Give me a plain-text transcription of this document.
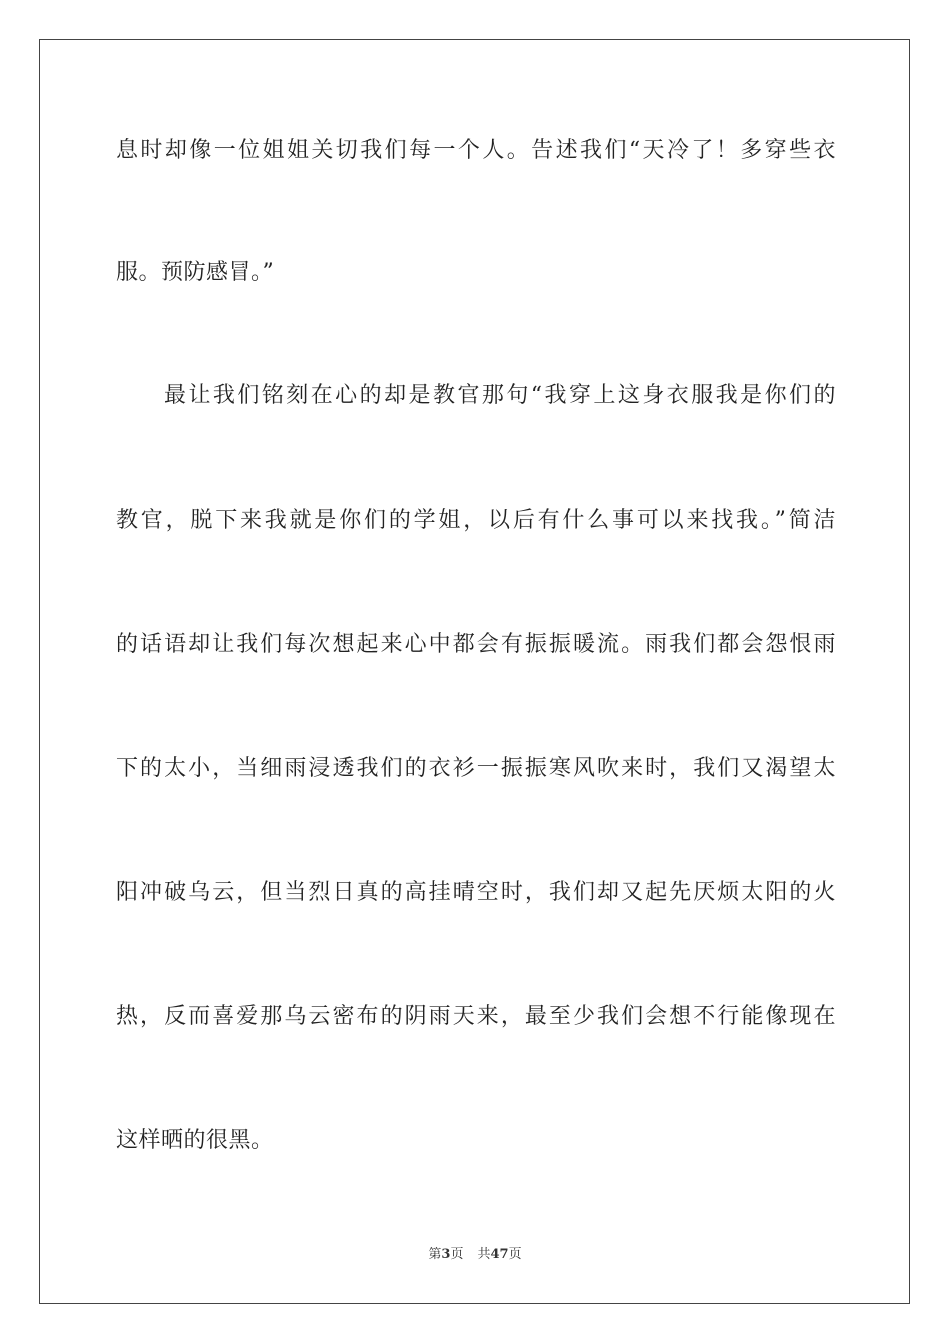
息时却像一位姐姐关切我们每一个人。告述我们“天冷了！多穿些衣
服。预防感冒。”
最让我们铭刻在心的却是教官那句“我穿上这身衣服我是你们的
教官，脱下来我就是你们的学姐，以后有什么事可以来找我。”简洁
的话语却让我们每次想起来心中都会有振振暖流。雨我们都会怨恨雨
下的太小，当细雨浸透我们的衣衫一振振寒风吹来时，我们又渴望太
阳冲破乌云，但当烈日真的高挂晴空时，我们却又起先厌烦太阳的火
热，反而喜爱那乌云密布的阴雨天来，最至少我们会想不行能像现在
这样晒的很黑。
第3页 共47页
